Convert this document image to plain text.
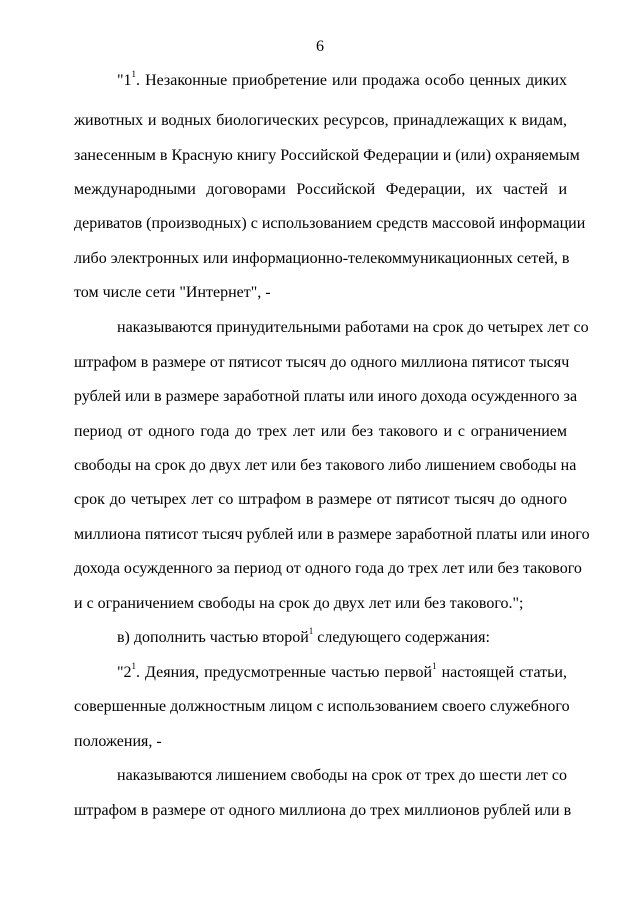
6
"$1^1$. Незаконные приобретение или продажа особо ценных диких
животных и водных биологических ресурсов, принадлежащих к видам,
занесенным в Красную книгу Российской Федерации и (или) охраняемым
международными договорами Российской Федерации, их частей и
дериватов (производных) с использованием средств массовой информации
либо электронных или информационно-телекоммуникационных сетей, в
том числе сети "Интернет", -
наказываются принудительными работами на срок до четырех лет со
штрафом в размере от пятисот тысяч до одного миллиона пятисот тысяч
рублей или в размере заработной платы или иного дохода осужденного за
период от одного года до трех лет или без такового и с ограничением
свободы на срок до двух лет или без такового либо лишением свободы на
срок до четырех лет со штрафом в размере от пятисот тысяч до одного
миллиона пятисот тысяч рублей или в размере заработной платы или иного
дохода осужденного за период от одного года до трех лет или без такового
и с ограничением свободы на срок до двух лет или без такового.";
в) дополнить частью второй$^1$ следующего содержания:
"$2^1$. Деяния, предусмотренные частью первой$^1$ настоящей статьи,
совершенные должностным лицом с использованием своего служебного
положения, -
наказываются лишением свободы на срок от трех до шести лет со
штрафом в размере от одного миллиона до трех миллионов рублей или в
